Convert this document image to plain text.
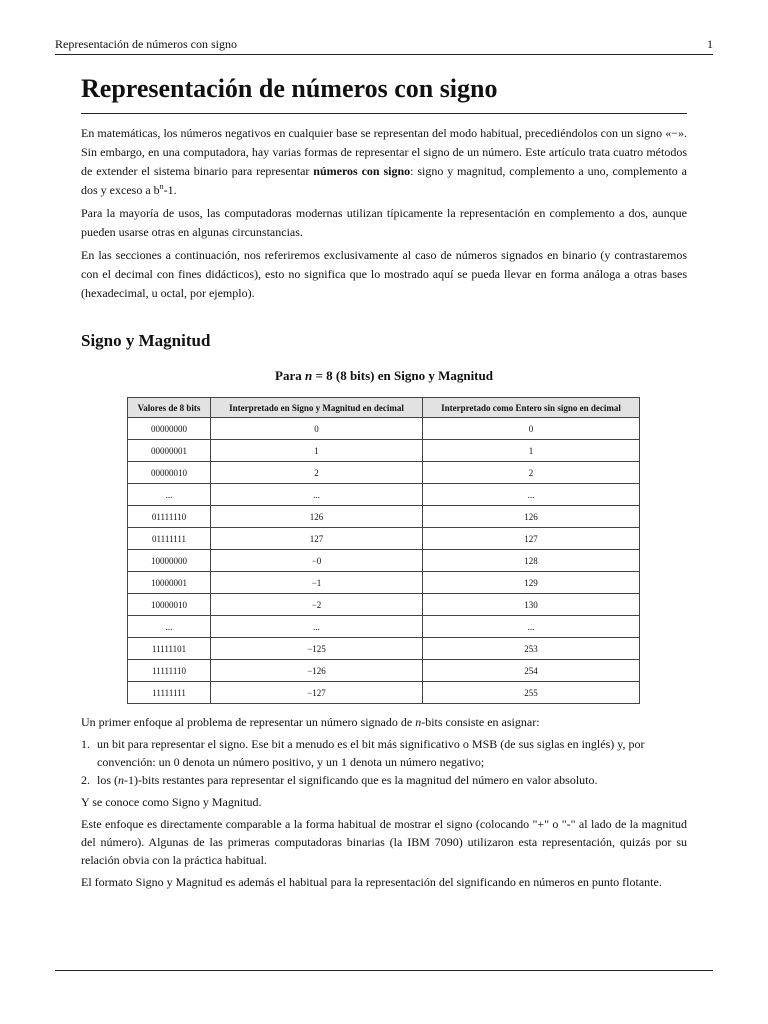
Representación de números con signo	1
Representación de números con signo

En matemáticas, los números negativos en cualquier base se representan del modo habitual, precediéndolos con un signo «−». Sin embargo, en una computadora, hay varias formas de representar el signo de un número. Este artículo trata cuatro métodos de extender el sistema binario para representar números con signo: signo y magnitud, complemento a uno, complemento a dos y exceso a $b^n-1$.

Para la mayoría de usos, las computadoras modernas utilizan típicamente la representación en complemento a dos, aunque pueden usarse otras en algunas circunstancias.

En las secciones a continuación, nos referiremos exclusivamente al caso de números signados en binario (y contrastaremos con el decimal con fines didácticos), esto no significa que lo mostrado aquí se pueda llevar en forma análoga a otras bases (hexadecimal, u octal, por ejemplo).

Signo y Magnitud
Para n = 8 (8 bits) en Signo y Magnitud
Valores de 8 bits	Interpretado en Signo y Magnitud en decimal	Interpretado como Entero sin signo en decimal
00000000	0	0
00000001	1	1
00000010	2	2
...	...	...
01111110	126	126
01111111	127	127
10000000	−0	128
10000001	−1	129
10000010	−2	130
...	...	...
11111101	−125	253
11111110	−126	254
11111111	−127	255

Un primer enfoque al problema de representar un número signado de n-bits consiste en asignar:

1. un bit para representar el signo. Ese bit a menudo es el bit más significativo o MSB (de sus siglas en inglés) y, por convención: un 0 denota un número positivo, y un 1 denota un número negativo;
2. los (n-1)-bits restantes para representar el significando que es la magnitud del número en valor absoluto.

Y se conoce como Signo y Magnitud.

Este enfoque es directamente comparable a la forma habitual de mostrar el signo (colocando "+" o "-" al lado de la magnitud del número). Algunas de las primeras computadoras binarias (la IBM 7090) utilizaron esta representación, quizás por su relación obvia con la práctica habitual.

El formato Signo y Magnitud es además el habitual para la representación del significando en números en punto flotante.
